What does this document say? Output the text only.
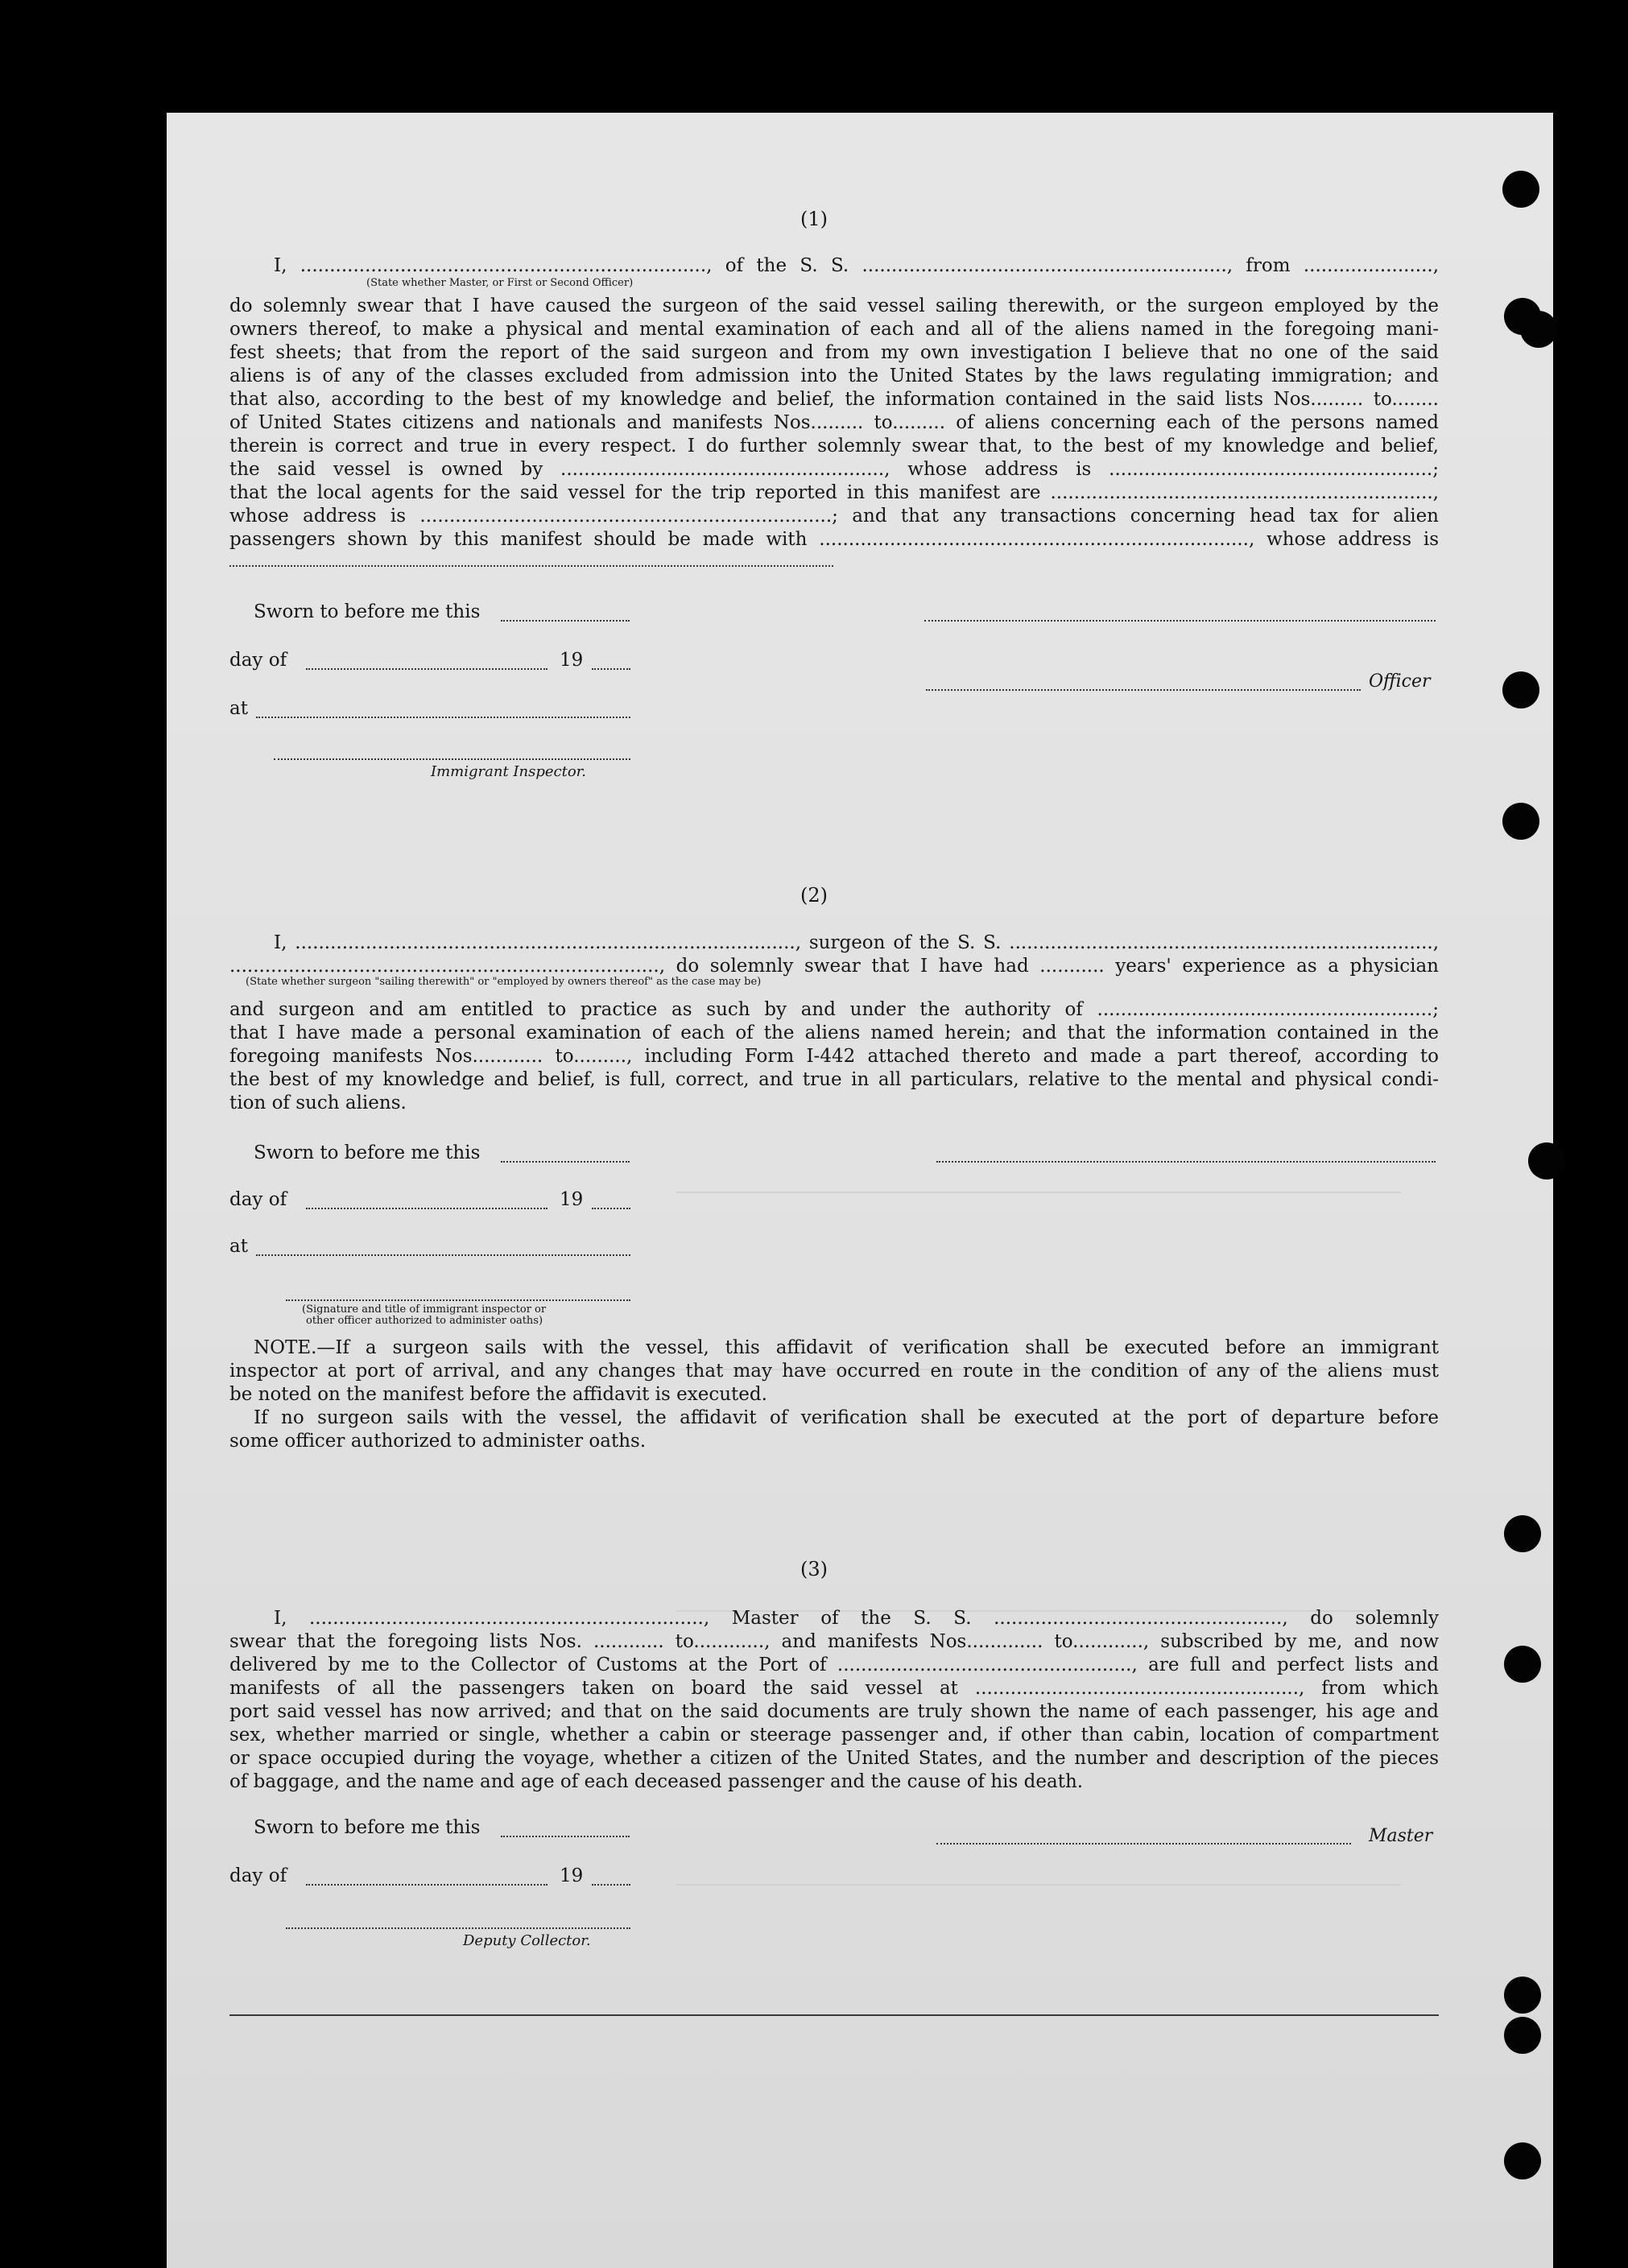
(1)
I, ....................................................................., of the S. S. .............................................................., from ......................,
(State whether Master, or First or Second Officer)
do solemnly swear that I have caused the surgeon of the said vessel sailing therewith, or the surgeon employed by the
owners thereof, to make a physical and mental examination of each and all of the aliens named in the foregoing mani-
fest sheets; that from the report of the said surgeon and from my own investigation I believe that no one of the said
aliens is of any of the classes excluded from admission into the United States by the laws regulating immigration; and
that also, according to the best of my knowledge and belief, the information contained in the said lists Nos......... to........
of United States citizens and nationals and manifests Nos......... to......... of aliens concerning each of the persons named
therein is correct and true in every respect. I do further solemnly swear that, to the best of my knowledge and belief,
the said vessel is owned by ......................................................., whose address is .......................................................;
that the local agents for the said vessel for the trip reported in this manifest are .................................................................,
whose address is ......................................................................; and that any transactions concerning head tax for alien
passengers shown by this manifest should be made with ........................................................................., whose address is
Sworn to before me this
day of	19
Officer
at
Immigrant Inspector.
(2)
I, ....................................................................................., surgeon of the S. S. ........................................................................,
........................................................................., do solemnly swear that I have had ........... years' experience as a physician
(State whether surgeon "sailing therewith" or "employed by owners thereof" as the case may be)
and surgeon and am entitled to practice as such by and under the authority of .........................................................;
that I have made a personal examination of each of the aliens named herein; and that the information contained in the
foregoing manifests Nos............ to........., including Form I-442 attached thereto and made a part thereof, according to
the best of my knowledge and belief, is full, correct, and true in all particulars, relative to the mental and physical condi-
tion of such aliens.
Sworn to before me this
day of	19
at
(Signature and title of immigrant inspector or
other officer authorized to administer oaths)
NOTE.—If a surgeon sails with the vessel, this affidavit of verification shall be executed before an immigrant
inspector at port of arrival, and any changes that may have occurred en route in the condition of any of the aliens must
be noted on the manifest before the affidavit is executed.
If no surgeon sails with the vessel, the affidavit of verification shall be executed at the port of departure before
some officer authorized to administer oaths.
(3)
I, ..................................................................., Master of the S. S. ................................................., do solemnly
swear that the foregoing lists Nos. ............ to............, and manifests Nos............. to............, subscribed by me, and now
delivered by me to the Collector of Customs at the Port of .................................................., are full and perfect lists and
manifests of all the passengers taken on board the said vessel at ......................................................., from which
port said vessel has now arrived; and that on the said documents are truly shown the name of each passenger, his age and
sex, whether married or single, whether a cabin or steerage passenger and, if other than cabin, location of compartment
or space occupied during the voyage, whether a citizen of the United States, and the number and description of the pieces
of baggage, and the name and age of each deceased passenger and the cause of his death.
Sworn to before me this	Master
day of	19
Deputy Collector.
